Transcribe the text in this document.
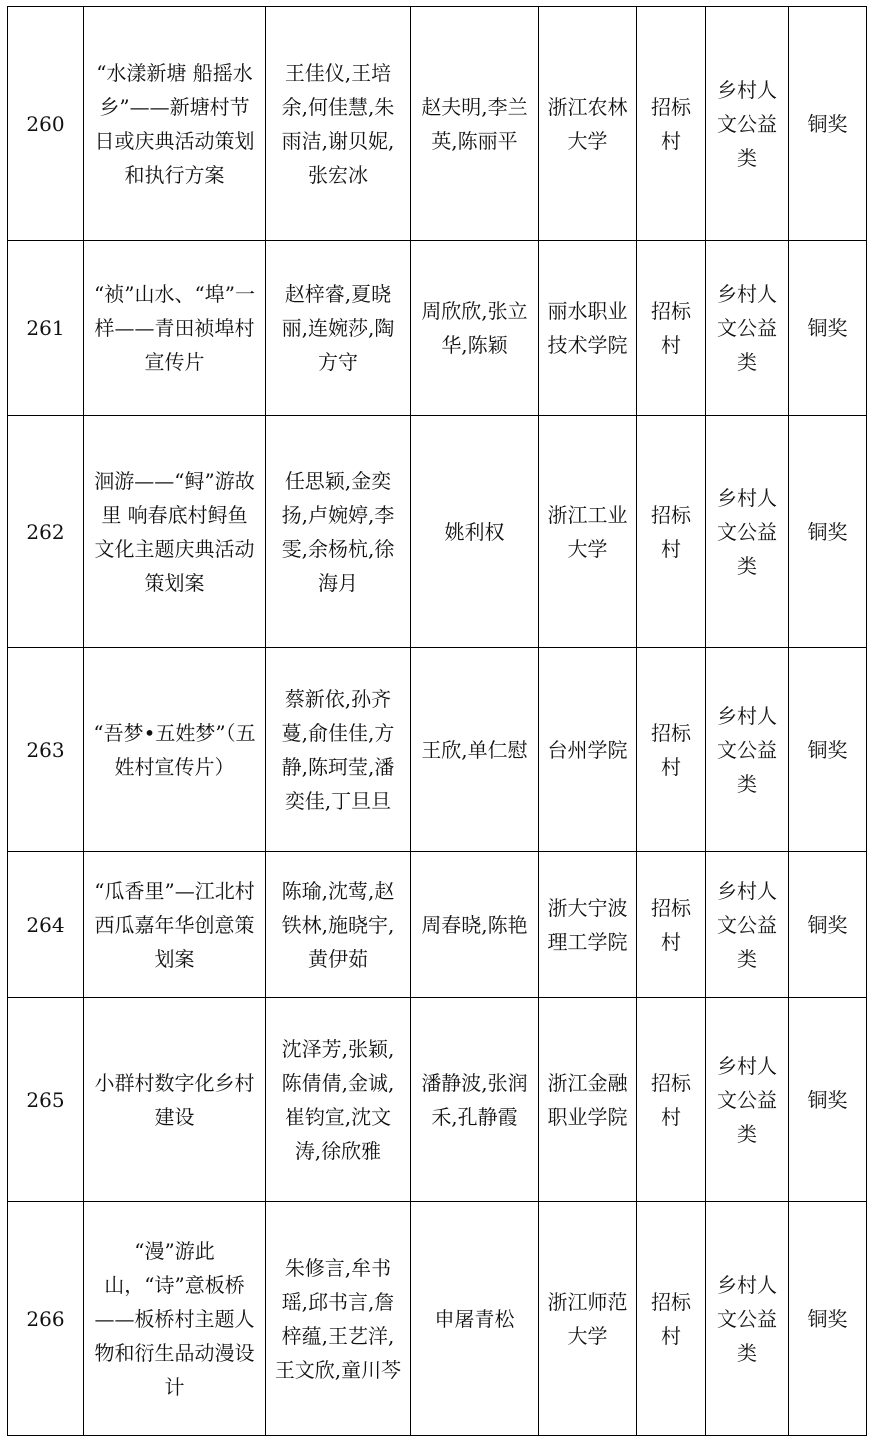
260	“水漾新塘 船摇水乡”——新塘村节日或庆典活动策划和执行方案	王佳仪,王培余,何佳慧,朱雨洁,谢贝妮,张宏冰	赵夫明,李兰英,陈丽平	浙江农林大学	招标村	乡村人文公益类	铜奖
261	“祯”山水、“埠”一样——青田祯埠村宣传片	赵梓睿,夏晓丽,连婉莎,陶方守	周欣欣,张立华,陈颖	丽水职业技术学院	招标村	乡村人文公益类	铜奖
262	洄游——“鲟”游故里 响春底村鲟鱼文化主题庆典活动策划案	任思颖,金奕扬,卢婉婷,李雯,余杨杭,徐海月	姚利权	浙江工业大学	招标村	乡村人文公益类	铜奖
263	“吾梦•五姓梦”（五姓村宣传片）	蔡新依,孙齐蔓,俞佳佳,方静,陈珂莹,潘奕佳,丁旦旦	王欣,单仁慰	台州学院	招标村	乡村人文公益类	铜奖
264	“瓜香里”—江北村西瓜嘉年华创意策划案	陈瑜,沈莺,赵铁林,施晓宇,黄伊茹	周春晓,陈艳	浙大宁波理工学院	招标村	乡村人文公益类	铜奖
265	小群村数字化乡村建设	沈泽芳,张颖,陈倩倩,金诚,崔钧宣,沈文涛,徐欣雅	潘静波,张润禾,孔静霞	浙江金融职业学院	招标村	乡村人文公益类	铜奖
266	“漫”游此山，“诗”意板桥——板桥村主题人物和衍生品动漫设计	朱修言,牟书瑶,邱书言,詹梓蕴,王艺洋,王文欣,童川芩	申屠青松	浙江师范大学	招标村	乡村人文公益类	铜奖
